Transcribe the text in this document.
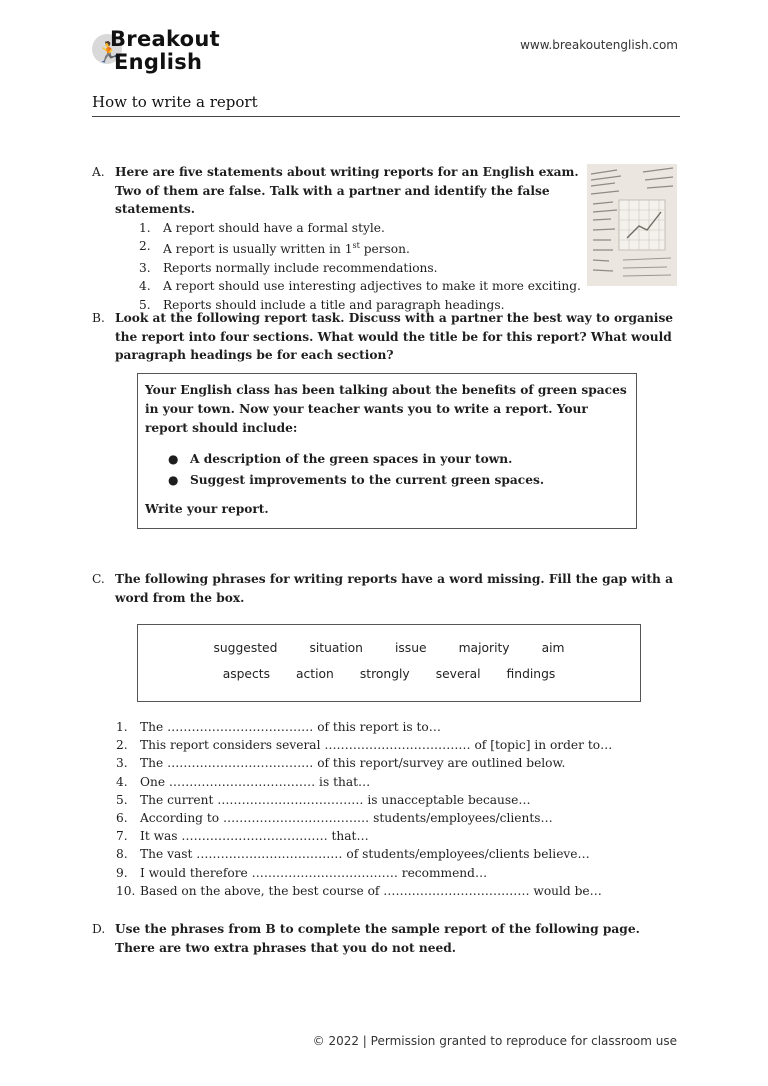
🏃
Breakout
English
www.breakoutenglish.com
How to write a report
A. Here are five statements about writing reports for an English exam. Two of them are false. Talk with a partner and identify the false statements.
1.	A report should have a formal style.
2.	A report is usually written in 1st person.
3.	Reports normally include recommendations.
4.	A report should use interesting adjectives to make it more exciting.
5.	Reports should include a title and paragraph headings.
B. Look at the following report task. Discuss with a partner the best way to organise the report into four sections. What would the title be for this report? What would paragraph headings be for each section?
Your English class has been talking about the benefits of green spaces in your town. Now your teacher wants you to write a report. Your report should include:
● A description of the green spaces in your town.
● Suggest improvements to the current green spaces.
Write your report.
C. The following phrases for writing reports have a word missing. Fill the gap with a word from the box.
suggested	situation	issue	majority	aim
aspects action strongly several findings
1.	The ……………………………… of this report is to…
2.	This report considers several ……………………………… of [topic] in order to…
3.	The ……………………………… of this report/survey are outlined below.
4.	One ……………………………… is that…
5.	The current ……………………………… is unacceptable because…
6.	According to ……………………………… students/employees/clients…
7.	It was ……………………………… that…
8.	The vast ……………………………… of students/employees/clients believe…
9.	I would therefore ……………………………… recommend…
10. Based on the above, the best course of ……………………………… would be…
D. Use the phrases from B to complete the sample report of the following page. There are two extra phrases that you do not need.
© 2022 | Permission granted to reproduce for classroom use
